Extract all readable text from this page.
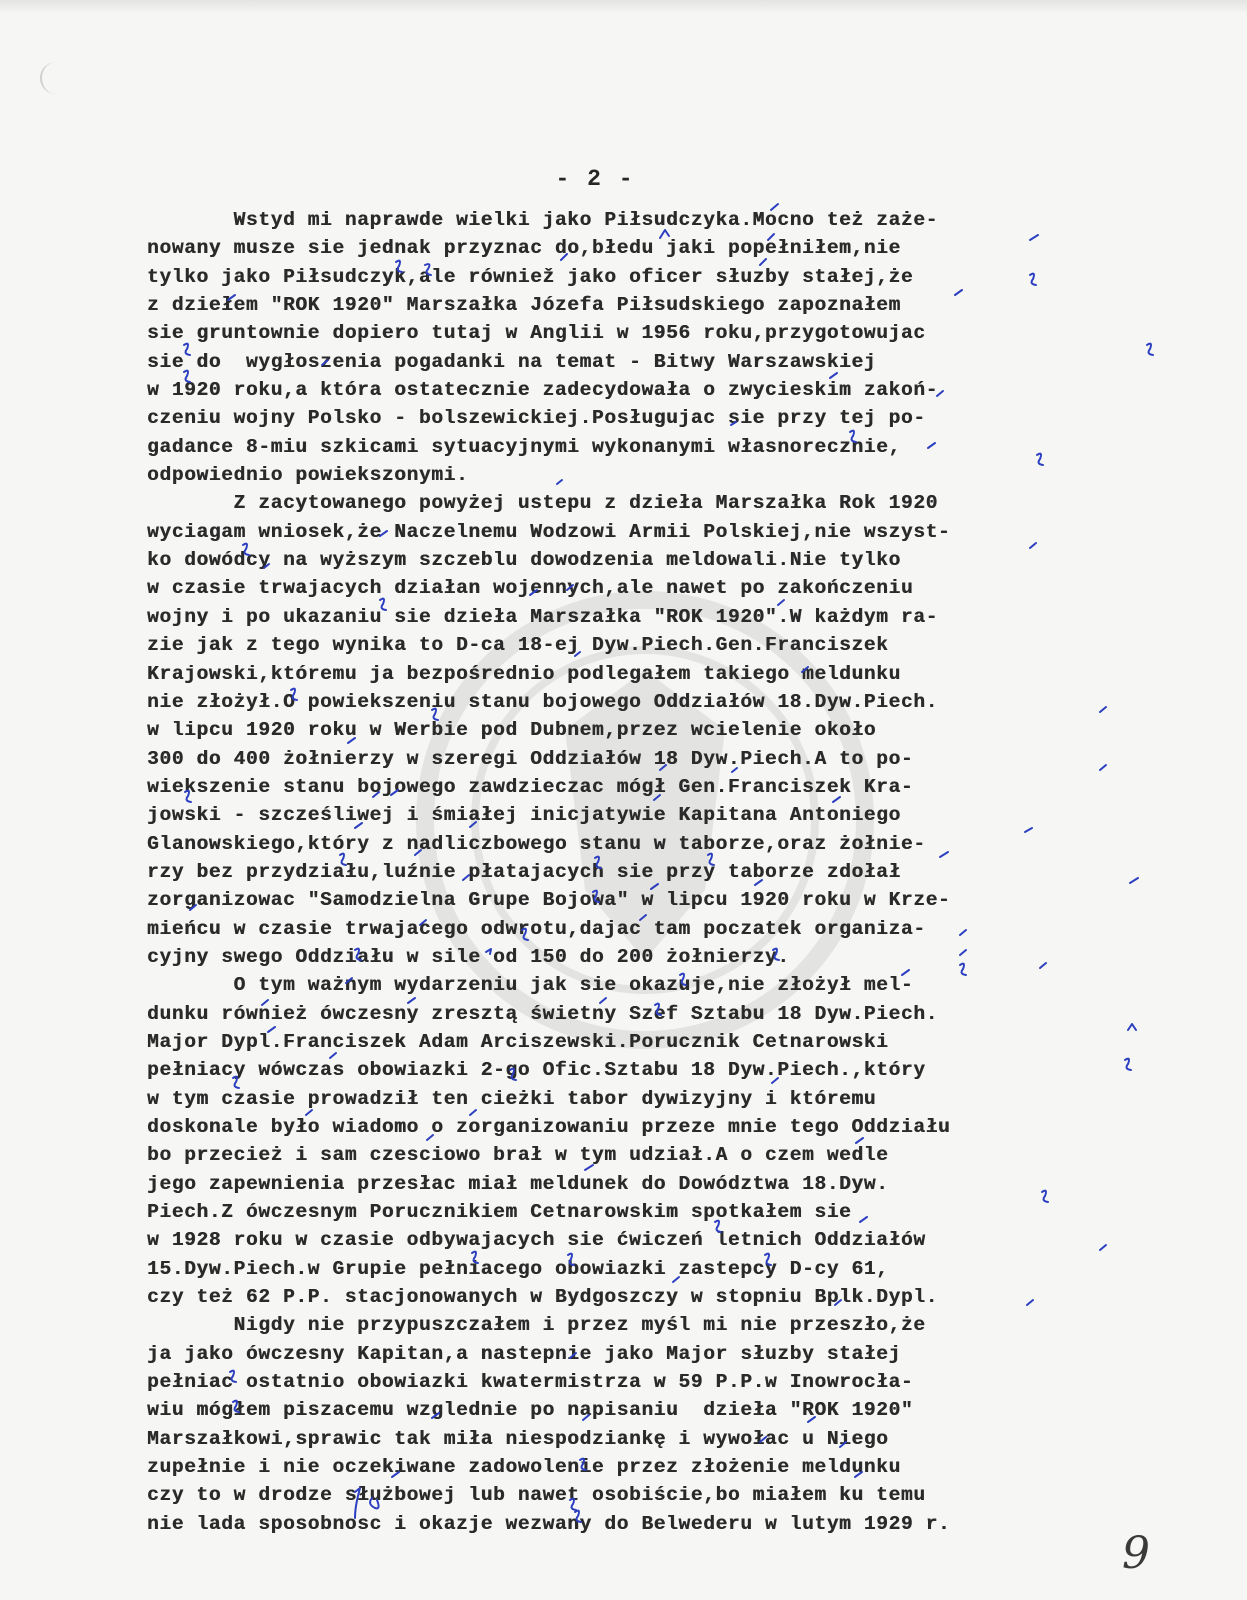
- 2 -
Wstyd mi naprawde wielki jako Piłsudczyka.Mocno też zaże-
nowany musze sie jednak przyznac do,błedu jaki popełniłem,nie
tylko jako Piłsudczyk,ale równiež jako oficer słuzby stałej,że
z dziełem "ROK 1920" Marszałka Józefa Piłsudskiego zapoznałem
sie gruntownie dopiero tutaj w Anglii w 1956 roku,przygotowujac
sie do  wygłoszenia pogadanki na temat - Bitwy Warszawskiej
w 1920 roku,a która ostatecznie zadecydowała o zwycieskim zakoń-
czeniu wojny Polsko - bolszewickiej.Posługujac sie przy tej po-
gadance 8-miu szkicami sytuacyjnymi wykonanymi własnorecznie,
odpowiednio powiekszonymi.
Z zacytowanego powyżej ustepu z dzieła Marszałka Rok 1920
wyciagam wniosek,że Naczelnemu Wodzowi Armii Polskiej,nie wszyst-
ko dowódcy na wyższym szczeblu dowodzenia meldowali.Nie tylko
w czasie trwajacych działan wojennych,ale nawet po zakończeniu
wojny i po ukazaniu sie dzieła Marszałka "ROK 1920".W każdym ra-
zie jak z tego wynika to D-ca 18-ej Dyw.Piech.Gen.Franciszek
Krajowski,któremu ja bezpośrednio podlegałem takiego meldunku
nie złożył.O powiekszeniu stanu bojowego Oddziałów 18.Dyw.Piech.
w lipcu 1920 roku w Werbie pod Dubnem,przez wcielenie około
300 do 400 żołnierzy w szeregi Oddziałów 18 Dyw.Piech.A to po-
wiekszenie stanu bojowego zawdzieczac mógł Gen.Franciszek Kra-
jowski - szcześliwej i śmiałej inicjatywie Kapitana Antoniego
Glanowskiego,który z nadliczbowego stanu w taborze,oraz żołnie-
rzy bez przydziału,luźnie płatajacych sie przy taborze zdołał
zorganizowac "Samodzielna Grupe Bojowa" w lipcu 1920 roku w Krze-
mieńcu w czasie trwajacego odwrotu,dajac tam poczatek organiza-
cyjny swego Oddziału w sile od 150 do 200 żołnierzy.
O tym ważnym wydarzeniu jak sie okazuje,nie złożył mel-
dunku również ówczesny zresztą świetny Szef Sztabu 18 Dyw.Piech.
Major Dypl.Franciszek Adam Arciszewski.Porucznik Cetnarowski
pełniacy wówczas obowiazki 2-go Ofic.Sztabu 18 Dyw.Piech.,który
w tym czasie prowadził ten cieżki tabor dywizyjny i któremu
doskonale było wiadomo o zorganizowaniu przeze mnie tego Oddziału
bo przecież i sam czesciowo brał w tym udział.A o czem wedle
jego zapewnienia przesłac miał meldunek do Dowództwa 18.Dyw.
Piech.Z ówczesnym Porucznikiem Cetnarowskim spotkałem sie
w 1928 roku w czasie odbywajacych sie ćwiczeń letnich Oddziałów
15.Dyw.Piech.w Grupie pełniacego obowiazki zastepcy D-cy 61,
czy też 62 P.P. stacjonowanych w Bydgoszczy w stopniu Bplk.Dypl.
Nigdy nie przypuszczałem i przez myśl mi nie przeszło,że
ja jako ówczesny Kapitan,a nastepnie jako Major słuzby stałej
pełniac ostatnio obowiazki kwatermistrza w 59 P.P.w Inowrocła-
wiu mógłem piszacemu wzglednie po napisaniu  dzieła "ROK 1920"
Marszałkowi,sprawic tak miła niespodziankę i wywołac u Niego
zupełnie i nie oczekiwane zadowolenie przez złożenie meldunku
czy to w drodze służbowej lub nawet osobiście,bo miałem ku temu
nie lada sposobnosc i okazje wezwany do Belwederu w lutym 1929 r.
9
